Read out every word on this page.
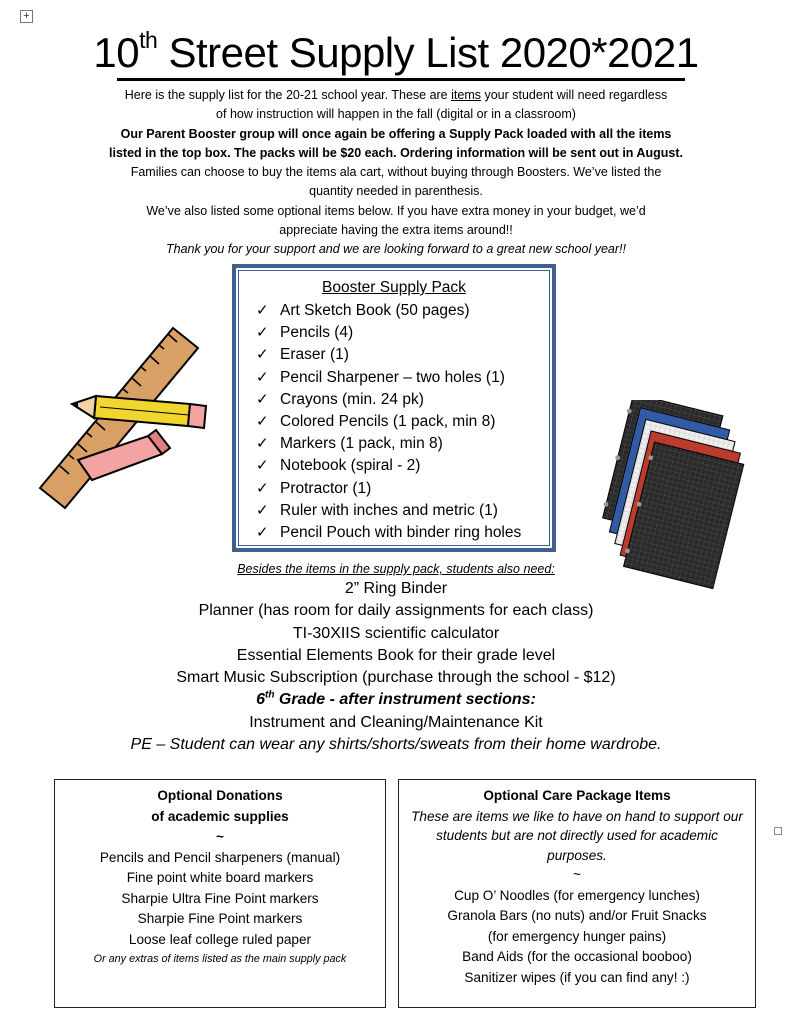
+
10th Street Supply List 2020*2021

Here is the supply list for the 20-21 school year. These are items your student will need regardless

of how instruction will happen in the fall (digital or in a classroom)

Our Parent Booster group will once again be offering a Supply Pack loaded with all the items

listed in the top box. The packs will be $20 each. Ordering information will be sent out in August.

Families can choose to buy the items ala cart, without buying through Boosters. We’ve listed the

quantity needed in parenthesis.

We’ve also listed some optional items below. If you have extra money in your budget, we’d

appreciate having the extra items around!!

Thank you for your support and we are looking forward to a great new school year!!

Booster Supply Pack
✓ Art Sketch Book (50 pages)
✓ Pencils (4)
✓ Eraser (1)
✓ Pencil Sharpener – two holes (1)
✓ Crayons (min. 24 pk)
✓ Colored Pencils (1 pack, min 8)
✓ Markers (1 pack, min 8)
✓ Notebook (spiral - 2)
✓ Protractor (1)
✓ Ruler with inches and metric (1)
✓ Pencil Pouch with binder ring holes
Besides the items in the supply pack, students also need:
2” Ring Binder
Planner (has room for daily assignments for each class)
TI-30XIIS scientific calculator
Essential Elements Book for their grade level
Smart Music Subscription (purchase through the school - $12)
6th Grade - after instrument sections:
Instrument and Cleaning/Maintenance Kit
PE – Student can wear any shirts/shorts/sweats from their home wardrobe.
Optional Donations
of academic supplies
~
Pencils and Pencil sharpeners (manual)
Fine point white board markers
Sharpie Ultra Fine Point markers
Sharpie Fine Point markers
Loose leaf college ruled paper
Or any extras of items listed as the main supply pack
Optional Care Package Items
These are items we like to have on hand to support our students but are not directly used for academic purposes.
~
Cup O’ Noodles (for emergency lunches)
Granola Bars (no nuts) and/or Fruit Snacks
(for emergency hunger pains)
Band Aids (for the occasional booboo)
Sanitizer wipes (if you can find any! :)
